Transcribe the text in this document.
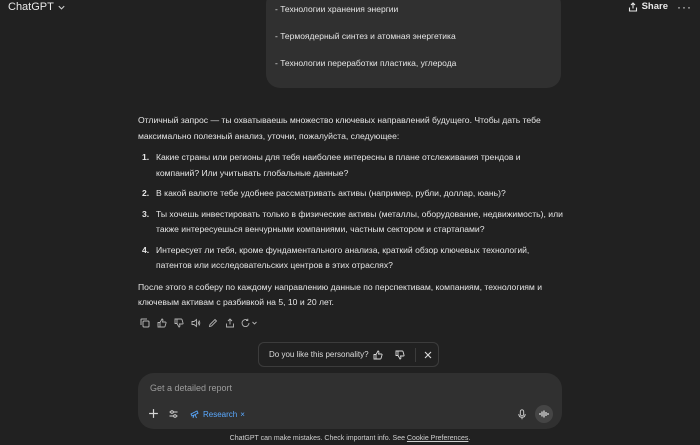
ChatGPT	Share ···
- Технологии хранения энергии
- Термоядерный синтез и атомная энергетика
- Технологии переработки пластика, углерода

Отличный запрос — ты охватываешь множество ключевых направлений будущего. Чтобы дать тебе максимально полезный анализ, уточни, пожалуйста, следующее:

1. Какие страны или регионы для тебя наиболее интересны в плане отслеживания трендов и компаний? Или учитывать глобальные данные?
2. В какой валюте тебе удобнее рассматривать активы (например, рубли, доллар, юань)?
3. Ты хочешь инвестировать только в физические активы (металлы, оборудование, недвижимость), или также интересуешься венчурными компаниями, частным сектором и стартапами?
4. Интересует ли тебя, кроме фундаментального анализа, краткий обзор ключевых технологий, патентов или исследовательских центров в этих отраслях?

После этого я соберу по каждому направлению данные по перспективам, компаниям, технологиям и ключевым активам с разбивкой на 5, 10 и 20 лет.

Do you like this personality?
Get a detailed report
Research ×
ChatGPT can make mistakes. Check important info. See Cookie Preferences.
